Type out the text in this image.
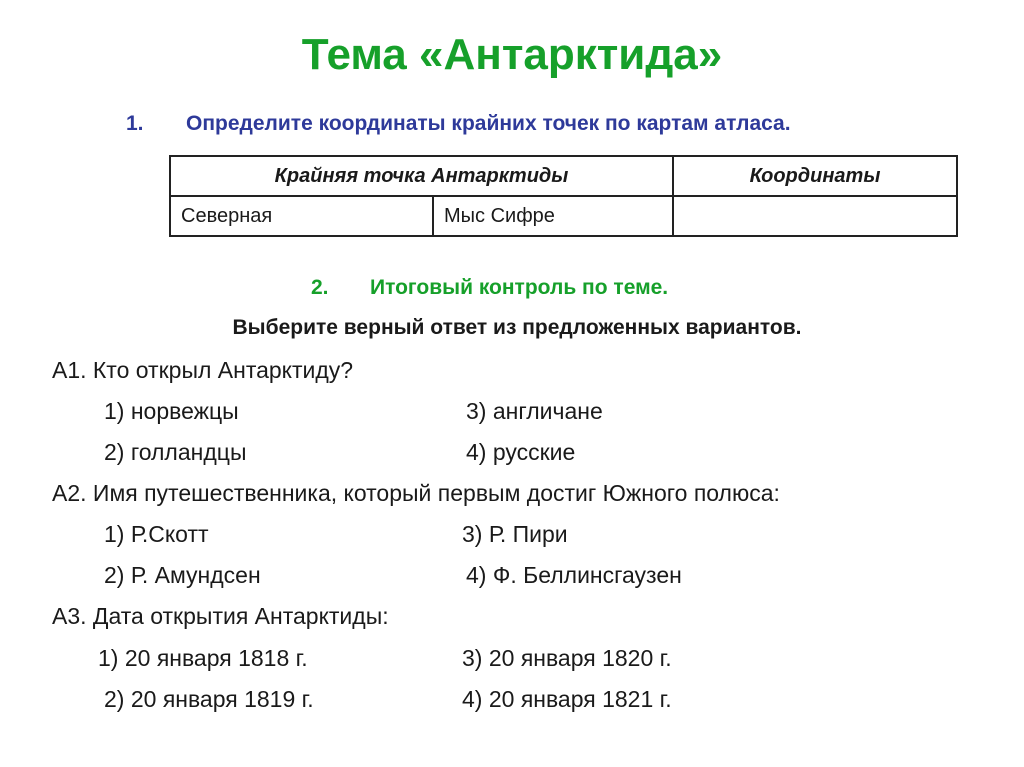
Тема «Антарктида»
1. Определите координаты крайних точек по картам атласа.
Крайняя точка Антарктиды		Координаты
Северная	Мыс Сифре	
2. Итоговый контроль по теме.
Выберите верный ответ из предложенных вариантов.
А1. Кто открыл Антарктиду?
1) норвежцы	3) англичане
2) голландцы	4) русские
А2. Имя путешественника, который первым достиг Южного полюса:
1) Р.Скотт	3) Р. Пири
2) Р. Амундсен	4) Ф. Беллинсгаузен
А3. Дата открытия Антарктиды:
1) 20 января 1818 г.	3) 20 января 1820 г.
2) 20 января 1819 г.	4) 20 января 1821 г.
